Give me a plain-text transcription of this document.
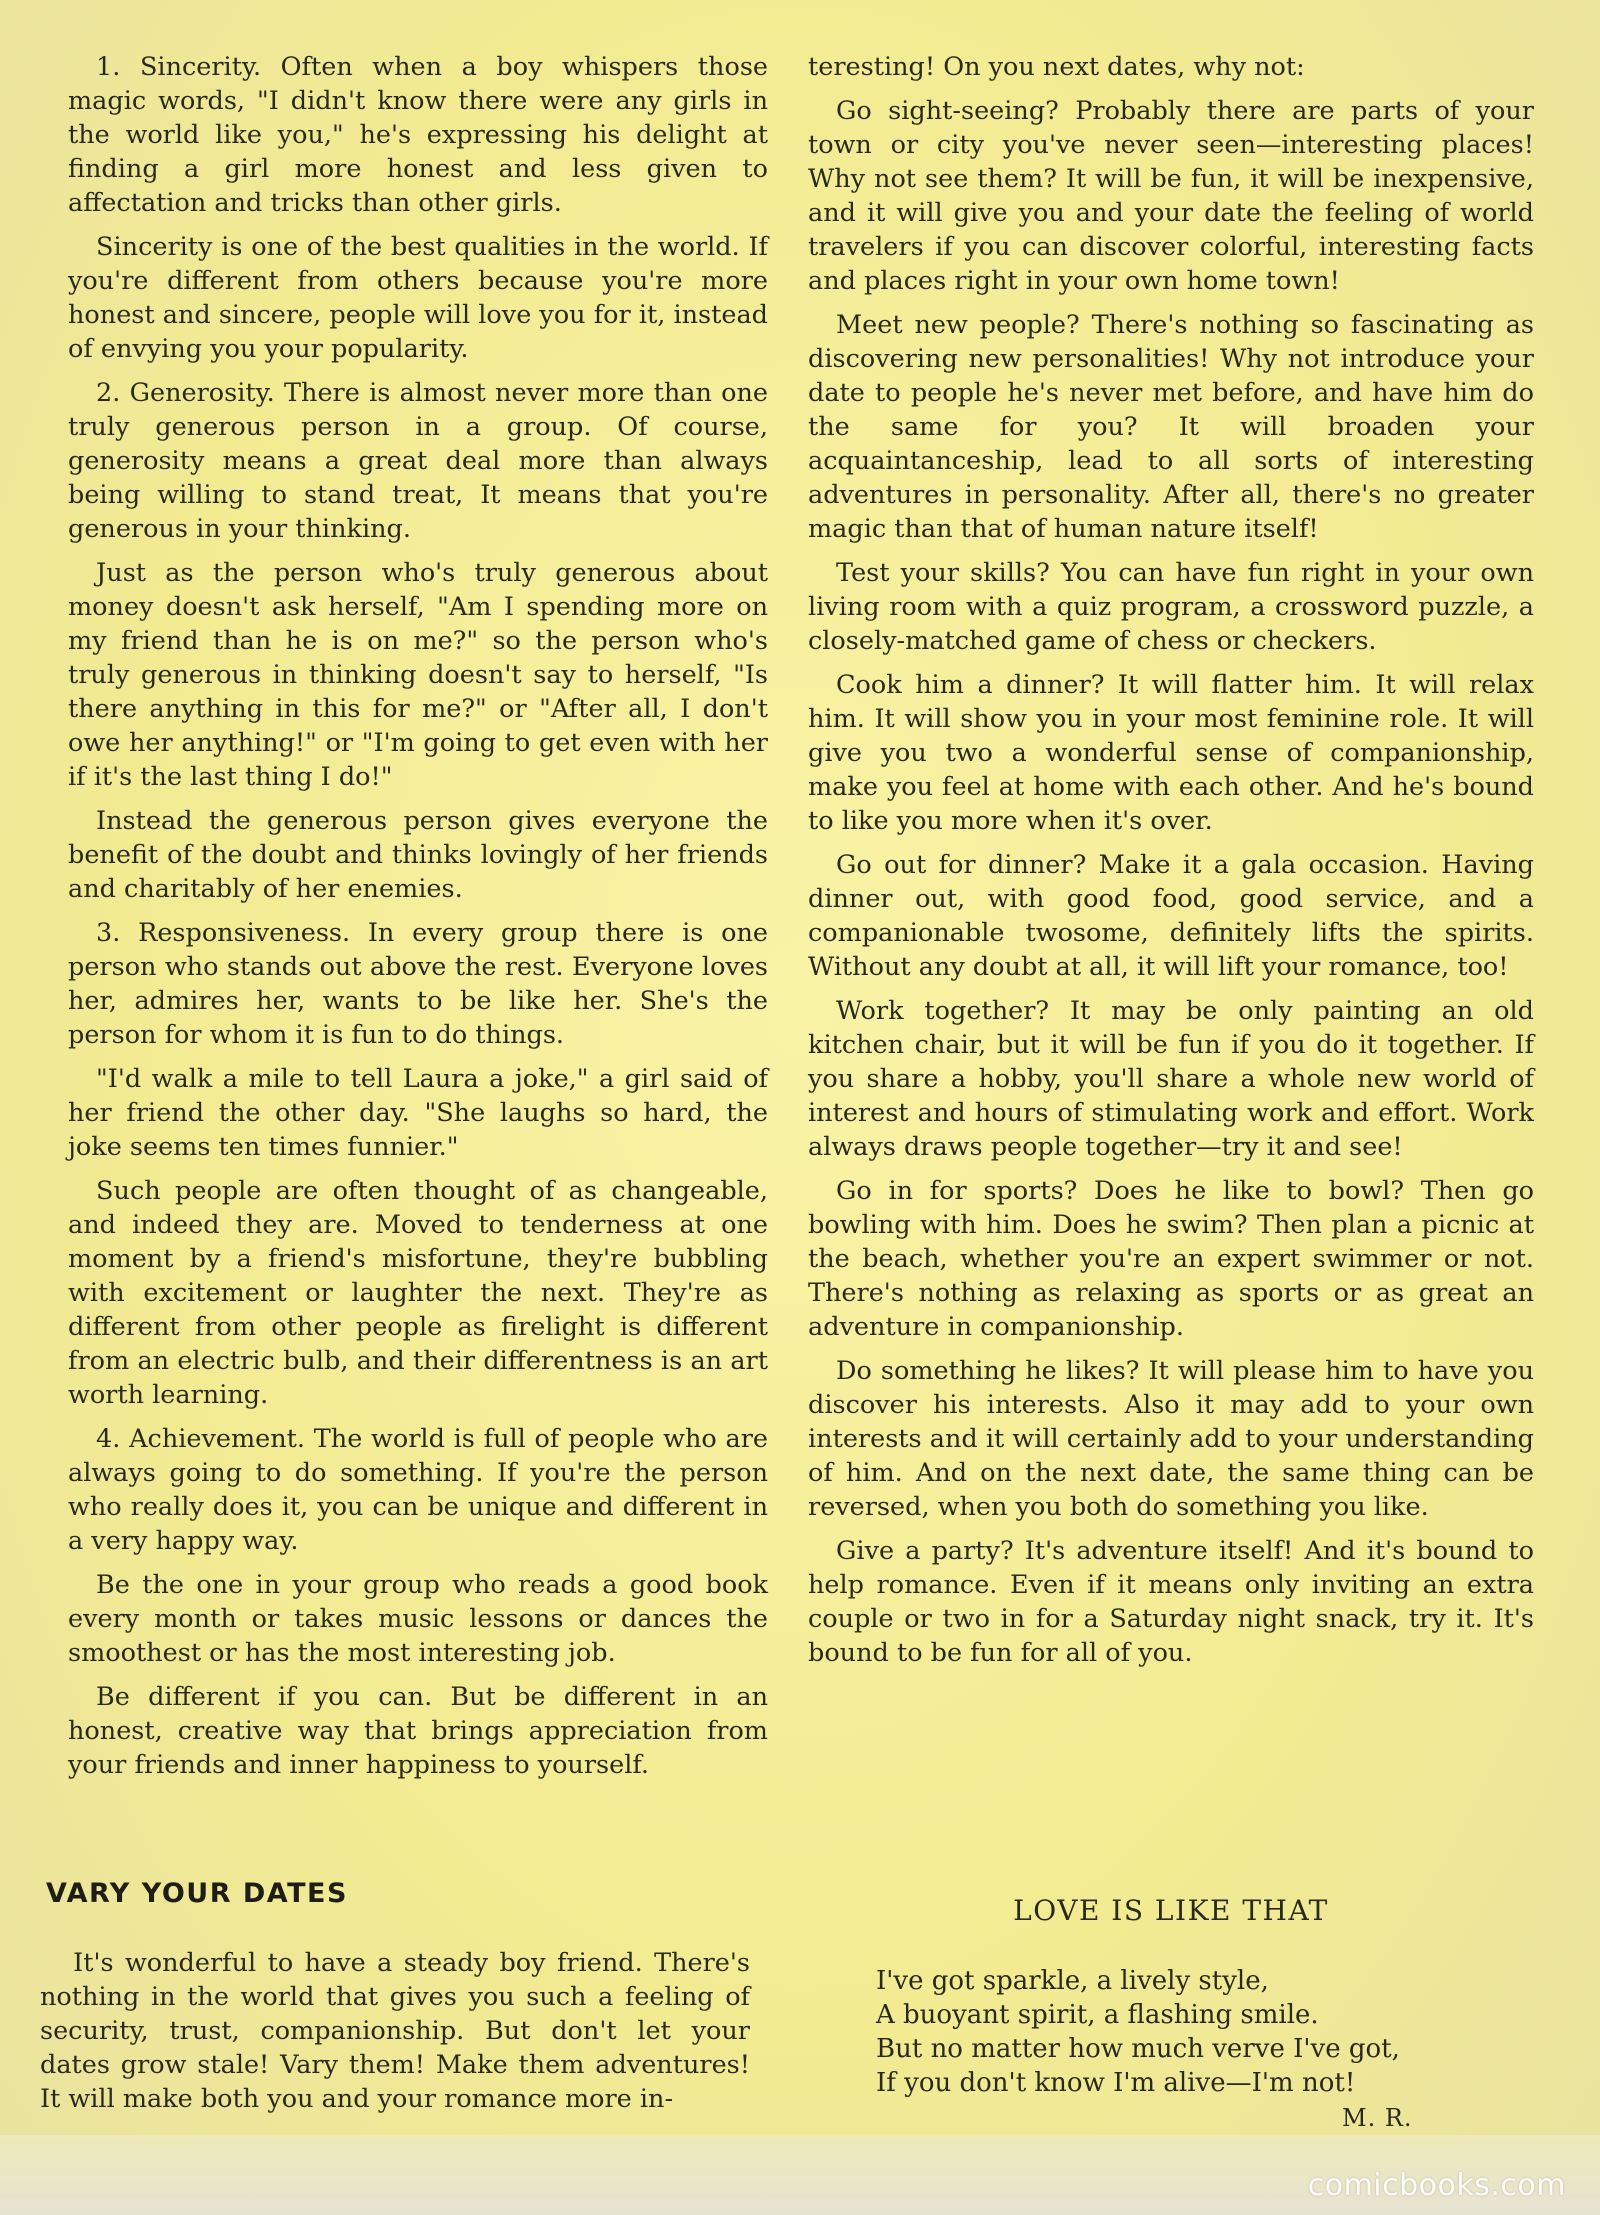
1. Sincerity. Often when a boy whispers those magic words, "I didn't know there were any girls in the world like you," he's expressing his delight at finding a girl more honest and less given to affectation and tricks than other girls.

Sincerity is one of the best qualities in the world. If you're different from others because you're more honest and sincere, people will love you for it, instead of envying you your popularity.

2. Generosity. There is almost never more than one truly generous person in a group. Of course, generosity means a great deal more than always being willing to stand treat, It means that you're generous in your thinking.

Just as the person who's truly generous about money doesn't ask herself, "Am I spending more on my friend than he is on me?" so the person who's truly generous in thinking doesn't say to herself, "Is there anything in this for me?" or "After all, I don't owe her anything!" or "I'm going to get even with her if it's the last thing I do!"

Instead the generous person gives everyone the benefit of the doubt and thinks lovingly of her friends and charitably of her enemies.

3. Responsiveness. In every group there is one person who stands out above the rest. Everyone loves her, admires her, wants to be like her. She's the person for whom it is fun to do things.

"I'd walk a mile to tell Laura a joke," a girl said of her friend the other day. "She laughs so hard, the joke seems ten times funnier."

Such people are often thought of as changeable, and indeed they are. Moved to tenderness at one moment by a friend's misfortune, they're bubbling with excitement or laughter the next. They're as different from other people as firelight is different from an electric bulb, and their differentness is an art worth learning.

4. Achievement. The world is full of people who are always going to do something. If you're the person who really does it, you can be unique and different in a very happy way.

Be the one in your group who reads a good book every month or takes music lessons or dances the smoothest or has the most interesting job.

Be different if you can. But be different in an honest, creative way that brings appreciation from your friends and inner happiness to yourself.

teresting! On you next dates, why not:

Go sight-seeing? Probably there are parts of your town or city you've never seen—interesting places! Why not see them? It will be fun, it will be inexpensive, and it will give you and your date the feeling of world travelers if you can discover colorful, interesting facts and places right in your own home town!

Meet new people? There's nothing so fascinating as discovering new personalities! Why not introduce your date to people he's never met before, and have him do the same for you? It will broaden your acquaintanceship, lead to all sorts of interesting adventures in personality. After all, there's no greater magic than that of human nature itself!

Test your skills? You can have fun right in your own living room with a quiz program, a crossword puzzle, a closely-matched game of chess or checkers.

Cook him a dinner? It will flatter him. It will relax him. It will show you in your most feminine role. It will give you two a wonderful sense of companionship, make you feel at home with each other. And he's bound to like you more when it's over.

Go out for dinner? Make it a gala occasion. Having dinner out, with good food, good service, and a companionable twosome, definitely lifts the spirits. Without any doubt at all, it will lift your romance, too!

Work together? It may be only painting an old kitchen chair, but it will be fun if you do it together. If you share a hobby, you'll share a whole new world of interest and hours of stimulating work and effort. Work always draws people together—try it and see!

Go in for sports? Does he like to bowl? Then go bowling with him. Does he swim? Then plan a picnic at the beach, whether you're an expert swimmer or not. There's nothing as relaxing as sports or as great an adventure in companionship.

Do something he likes? It will please him to have you discover his interests. Also it may add to your own interests and it will certainly add to your understanding of him. And on the next date, the same thing can be reversed, when you both do something you like.

Give a party? It's adventure itself! And it's bound to help romance. Even if it means only inviting an extra couple or two in for a Saturday night snack, try it. It's bound to be fun for all of you.

VARY YOUR DATES

It's wonderful to have a steady boy friend. There's nothing in the world that gives you such a feeling of security, trust, companionship. But don't let your dates grow stale! Vary them! Make them adventures! It will make both you and your romance more in-

LOVE IS LIKE THAT
I've got sparkle, a lively style,
A buoyant spirit, a flashing smile.
But no matter how much verve I've got,
If you don't know I'm alive—I'm not!
M. R.
comicbooks.com
